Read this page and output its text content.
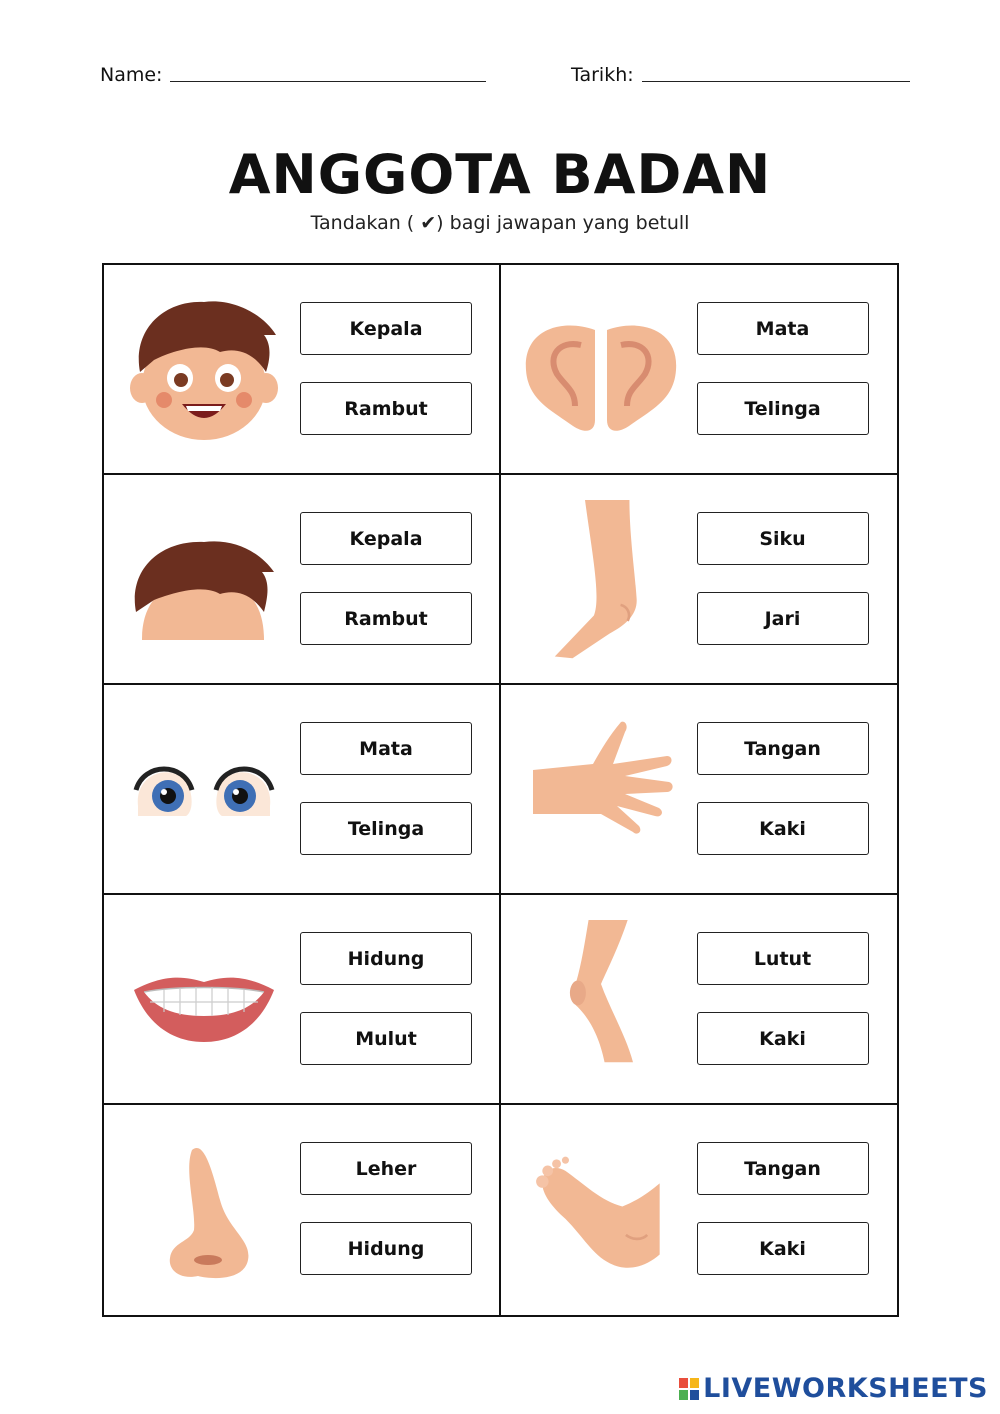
Name:	Tarikh:
ANGGOTA BADAN
Tandakan ( ✔) bagi jawapan yang betull
Kepala
Rambut
Mata
Telinga
Kepala
Rambut
Siku
Jari
Mata
Telinga
Tangan
Kaki
Hidung
Mulut
Lutut
Kaki
Leher
Hidung
Tangan
Kaki
LIVEWORKSHEETS
